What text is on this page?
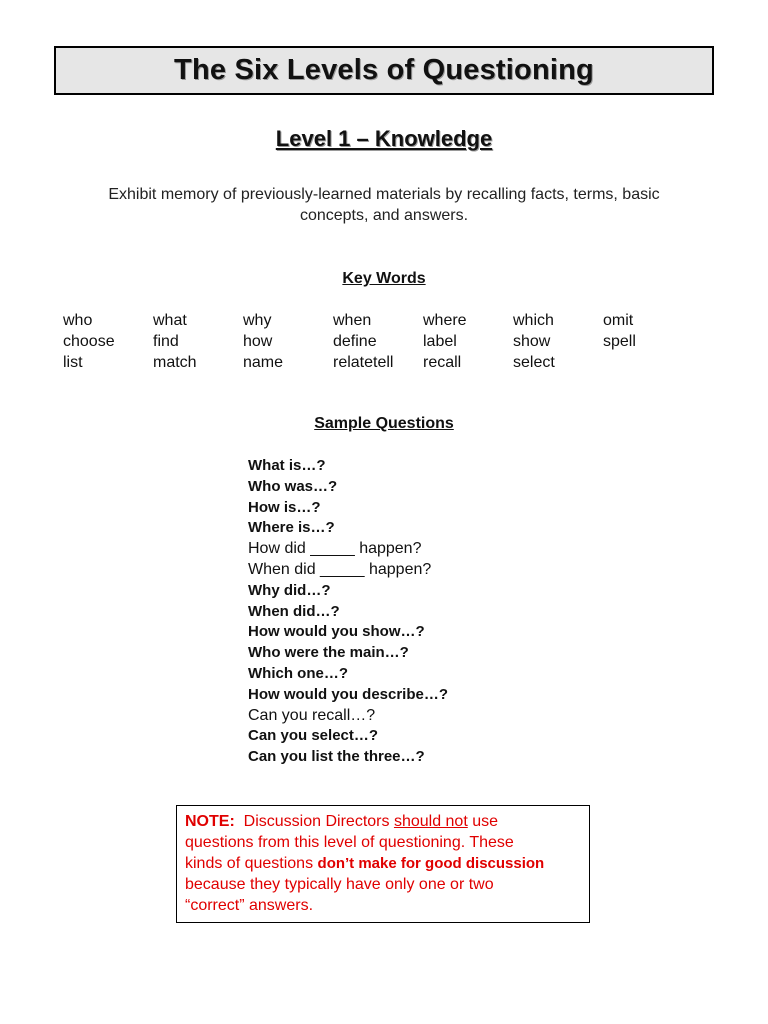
The Six Levels of Questioning
Level 1 – Knowledge
Exhibit memory of previously-learned materials by recalling facts, terms, basic
concepts, and answers.
Key Words
who	what	why	when	where	which	omit
choose	find	how	define	label	show	spell
list	match	name	relatetell	recall	select
Sample Questions
What is…?
Who was…?
How is…?
Where is…?
How did _____ happen?
When did _____ happen?
Why did…?
When did…?
How would you show…?
Who were the main…?
Which one…?
How would you describe…?
Can you recall…?
Can you select…?
Can you list the three…?
NOTE: Discussion Directors should not use
questions from this level of questioning. These
kinds of questions don’t make for good discussion
because they typically have only one or two
“correct” answers.
